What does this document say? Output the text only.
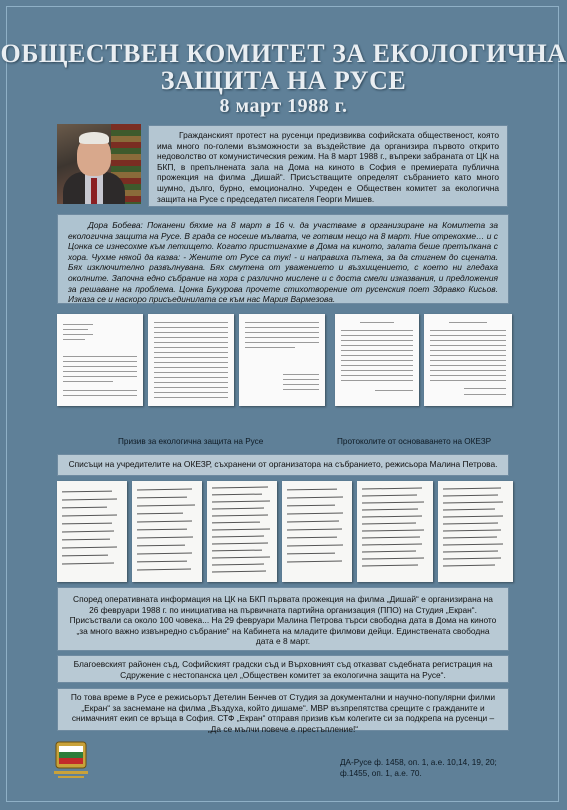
ОБЩЕСТВЕН КОМИТЕТ ЗА ЕКОЛОГИЧНА
ЗАЩИТА НА РУСЕ
8 март 1988 г.

Гражданският протест на русенци предизвиква софийската общественост, която има много по-големи възможности за въздействие да организира първото открито недоволство от комунистическия режим. На 8 март 1988 г., въпреки забраната от ЦК на БКП, в препълнената зала на Дома на киното в София е премиерата публична прожекция на филма „Дишай“. Присъстващите определят събранието като много шумно, дълго, бурно, емоционално. Учреден е Обществен комитет за екологична защита на Русе с председател писателя Георги Мишев.

Дора Бобева: Поканени бяхме на 8 март в 16 ч. да участваме в организиране на Комитета за екологична защита на Русе. В града се носеше мълвата, че готвим нещо на 8 март. Ние отрекохме… и с Цонка се изнесохме към летището. Когато пристигнахме в Дома на киното, залата беше претъпкана с хора. Чухме някой да казва: - Жените от Русе са тук! - и направиха пътека, за да стигнем до сцената. Бях изключително развълнувана. Бях смутена от уважението и възхищението, с което ни гледаха околните. Започна едно събрание на хора с различно мислене и с доста смели изказвания, и предложения за решаване на проблема. Цонка Букурова прочете стихотворение от русенския поет Здравко Кисьов. Изказа се и наскоро присъединилата се към нас Мария Вармезова.

Призив за екологична защита на Русе	Протоколите от основаването на ОКЕЗР
Списъци на учредителите на ОКЕЗР, съхранени от организатора на събранието, режисьора Малина Петрова.

Според оперативната информация на ЦК на БКП първата прожекция на филма „Дишай“ е организирана на 26 февруари 1988 г. по инициатива на първичната партийна организация (ППО) на Студия „Екран“. Присъствали са около 100 човека... На 29 февруари Малина Петрова търси свободна дата в Дома на киното „за много важно извънредно събрание“ на Кабинета на младите филмови дейци. Единствената свободна дата е 8 март.

Благоевският районен съд, Софийският градски съд и Върховният съд отказват съдебната регистрация на Сдружение с нестопанска цел „Обществен комитет за екологична защита на Русе“.

По това време в Русе е режисьорът Детелин Бенчев от Студия за документални и научно-популярни филми „Екран“ за заснемане на филма „Въздуха, който дишаме“. МВР възпрепятства срещите с гражданите и снимачният екип се връща в София. СТФ „Екран“ отправя призив към колегите си за подкрепа на русенци – „Да се мълчи повече е престъпление!“

ДА-Русе ф. 1458, оп. 1, а.е. 10,14, 19, 20;
ф.1455, оп. 1, а.е. 70.
